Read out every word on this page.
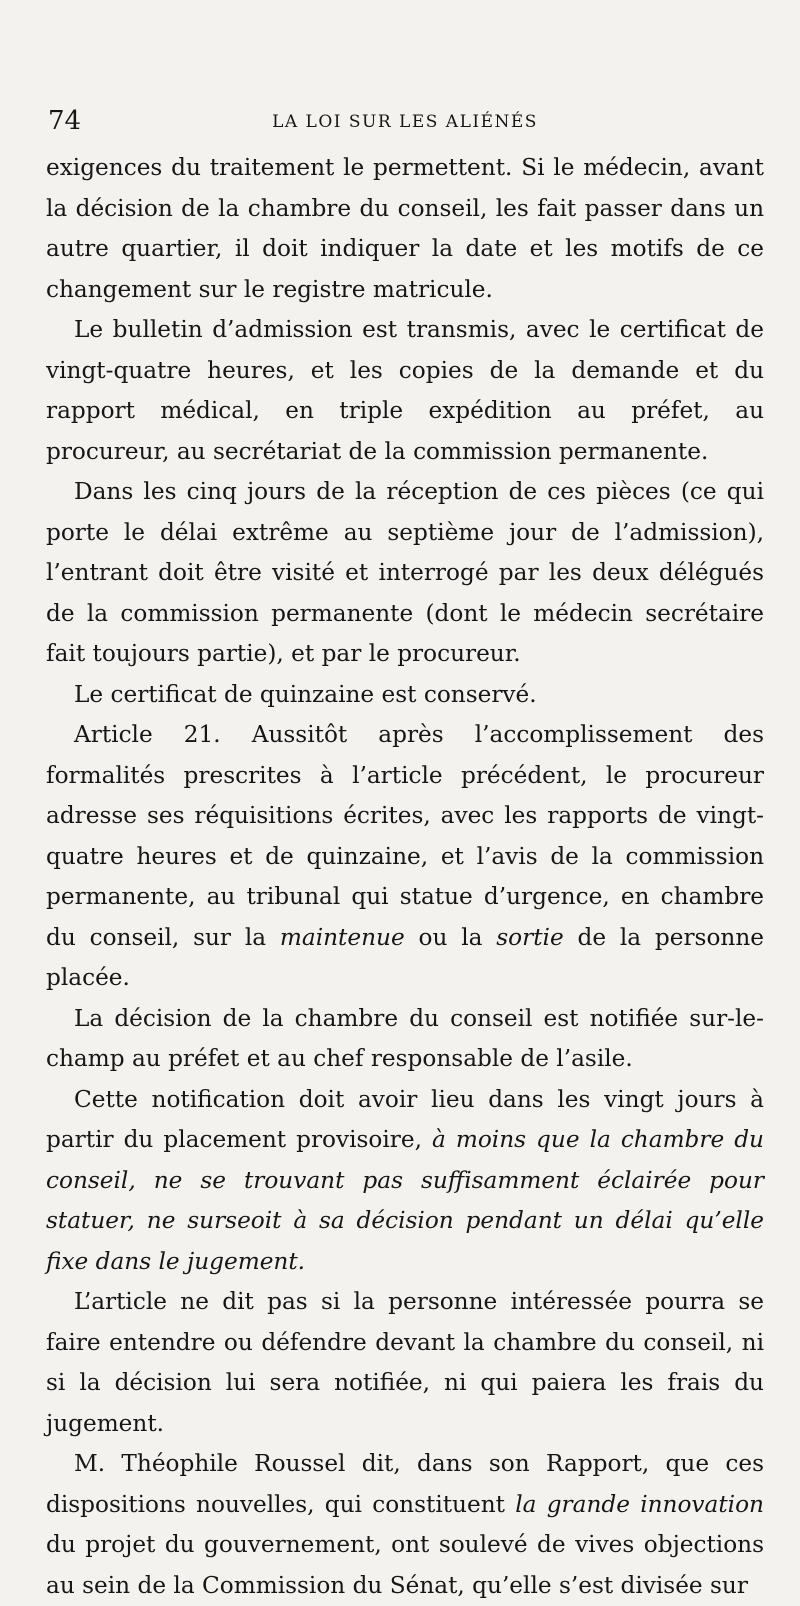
74	LA LOI SUR LES ALIÉNÉS

exigences du traitement le permettent. Si le médecin, avant la décision de la chambre du conseil, les fait passer dans un autre quartier, il doit indiquer la date et les motifs de ce changement sur le registre matricule.

Le bulletin d’admission est transmis, avec le certificat de vingt-quatre heures, et les copies de la demande et du rapport médical, en triple expédition au préfet, au procureur, au secrétariat de la commission permanente.

Dans les cinq jours de la réception de ces pièces (ce qui porte le délai extrême au septième jour de l’admission), l’entrant doit être visité et interrogé par les deux délégués de la commission permanente (dont le médecin secrétaire fait toujours partie), et par le procureur.

Le certificat de quinzaine est conservé.

Article 21. Aussitôt après l’accomplissement des formalités prescrites à l’article précédent, le procureur adresse ses réquisitions écrites, avec les rapports de vingt-quatre heures et de quinzaine, et l’avis de la commission permanente, au tribunal qui statue d’urgence, en chambre du conseil, sur la maintenue ou la sortie de la personne placée.

La décision de la chambre du conseil est notifiée sur-le-champ au préfet et au chef responsable de l’asile.

Cette notification doit avoir lieu dans les vingt jours à partir du placement provisoire, à moins que la chambre du conseil, ne se trouvant pas suffisamment éclairée pour statuer, ne surseoit à sa décision pendant un délai qu’elle fixe dans le jugement.

L’article ne dit pas si la personne intéressée pourra se faire entendre ou défendre devant la chambre du conseil, ni si la décision lui sera notifiée, ni qui paiera les frais du jugement.

M. Théophile Roussel dit, dans son Rapport, que ces dispositions nouvelles, qui constituent la grande innovation du projet du gouvernement, ont soulevé de vives objections au sein de la Commission du Sénat, qu’elle s’est divisée sur
